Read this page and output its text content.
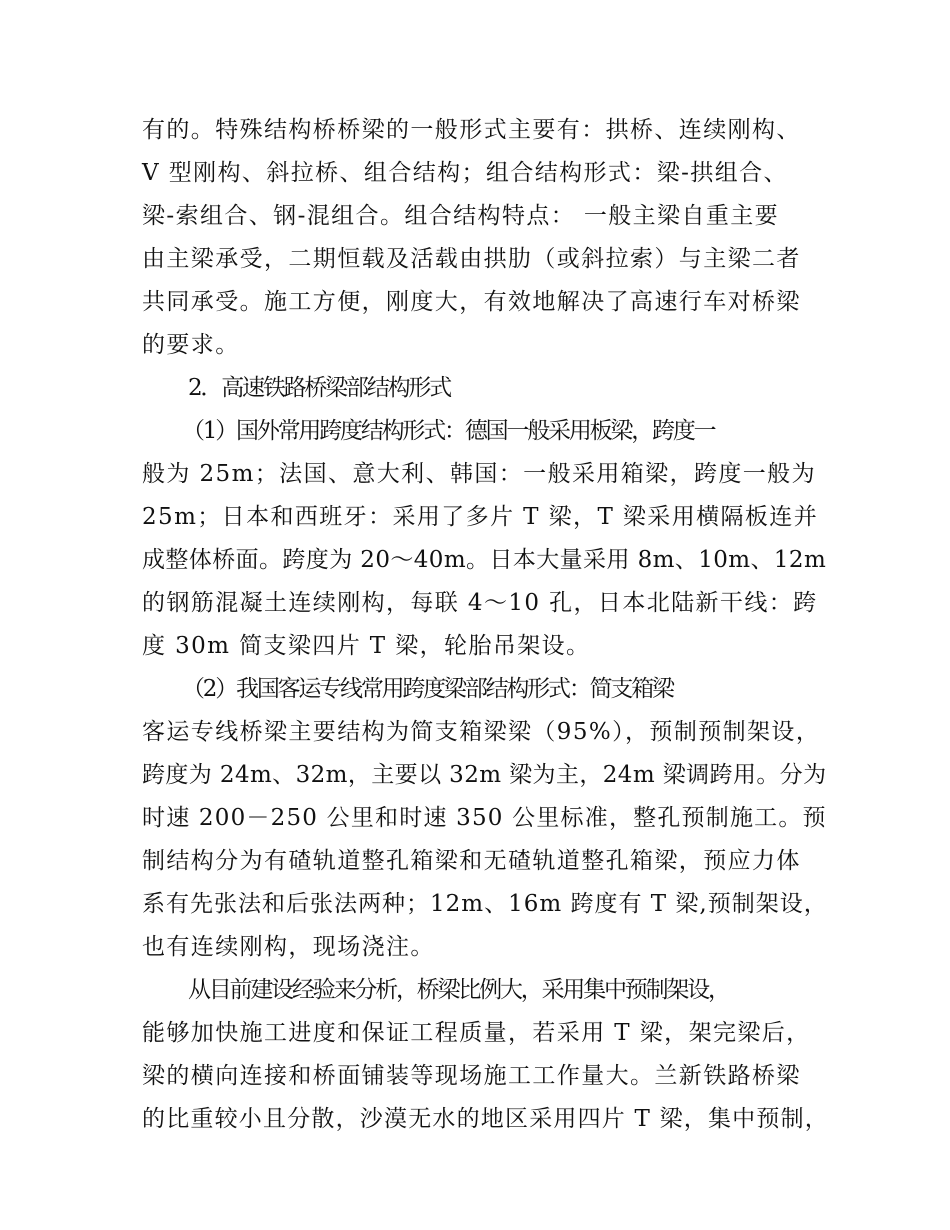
有的。特殊结构桥桥梁的一般形式主要有：拱桥、连续刚构、
V 型刚构、斜拉桥、组合结构；组合结构形式：梁-拱组合、
梁-索组合、钢-混组合。组合结构特点： 一般主梁自重主要
由主梁承受，二期恒载及活载由拱肋（或斜拉索）与主梁二者
共同承受。施工方便，刚度大，有效地解决了高速行车对桥梁
的要求。
2．高速铁路桥梁部结构形式
（1）国外常用跨度结构形式：德国一般采用板梁，跨度一
般为 25m；法国、意大利、韩国：一般采用箱梁，跨度一般为
25m；日本和西班牙：采用了多片 T 梁，T 梁采用横隔板连并
成整体桥面。跨度为 20～40m。日本大量采用 8m、10m、12m
的钢筋混凝土连续刚构，每联 4～10 孔，日本北陆新干线：跨
度 30m 简支梁四片 T 梁，轮胎吊架设。
（2）我国客运专线常用跨度梁部结构形式：简支箱梁
客运专线桥梁主要结构为简支箱梁梁（95%），预制预制架设，
跨度为 24m、32m，主要以 32m 梁为主，24m 梁调跨用。分为
时速 200－250 公里和时速 350 公里标准，整孔预制施工。预
制结构分为有碴轨道整孔箱梁和无碴轨道整孔箱梁，预应力体
系有先张法和后张法两种；12m、16m 跨度有 T 梁,预制架设，
也有连续刚构，现场浇注。
从目前建设经验来分析，桥梁比例大，采用集中预制架设，
能够加快施工进度和保证工程质量，若采用 T 梁，架完梁后，
梁的横向连接和桥面铺装等现场施工工作量大。兰新铁路桥梁
的比重较小且分散，沙漠无水的地区采用四片 T 梁，集中预制，
